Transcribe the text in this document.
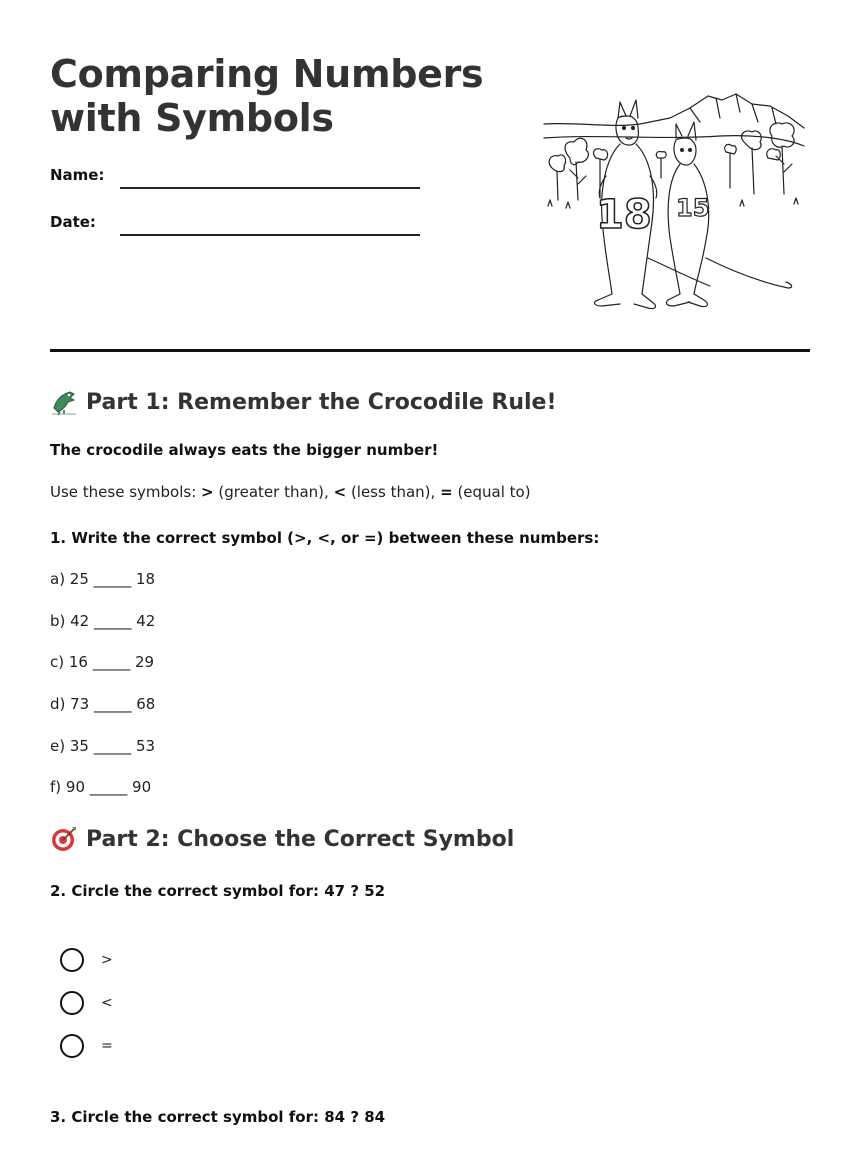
Comparing Numbers
with Symbols
Name:
Date:	18 15
Part 1: Remember the Crocodile Rule!
The crocodile always eats the bigger number!
Use these symbols: > (greater than), < (less than), = (equal to)
1. Write the correct symbol (>, <, or =) between these numbers:
a) 25 _____ 18
b) 42 _____ 42
c) 16 _____ 29
d) 73 _____ 68
e) 35 _____ 53
f) 90 _____ 90
Part 2: Choose the Correct Symbol
2. Circle the correct symbol for: 47 ? 52
>
<
=
3. Circle the correct symbol for: 84 ? 84
